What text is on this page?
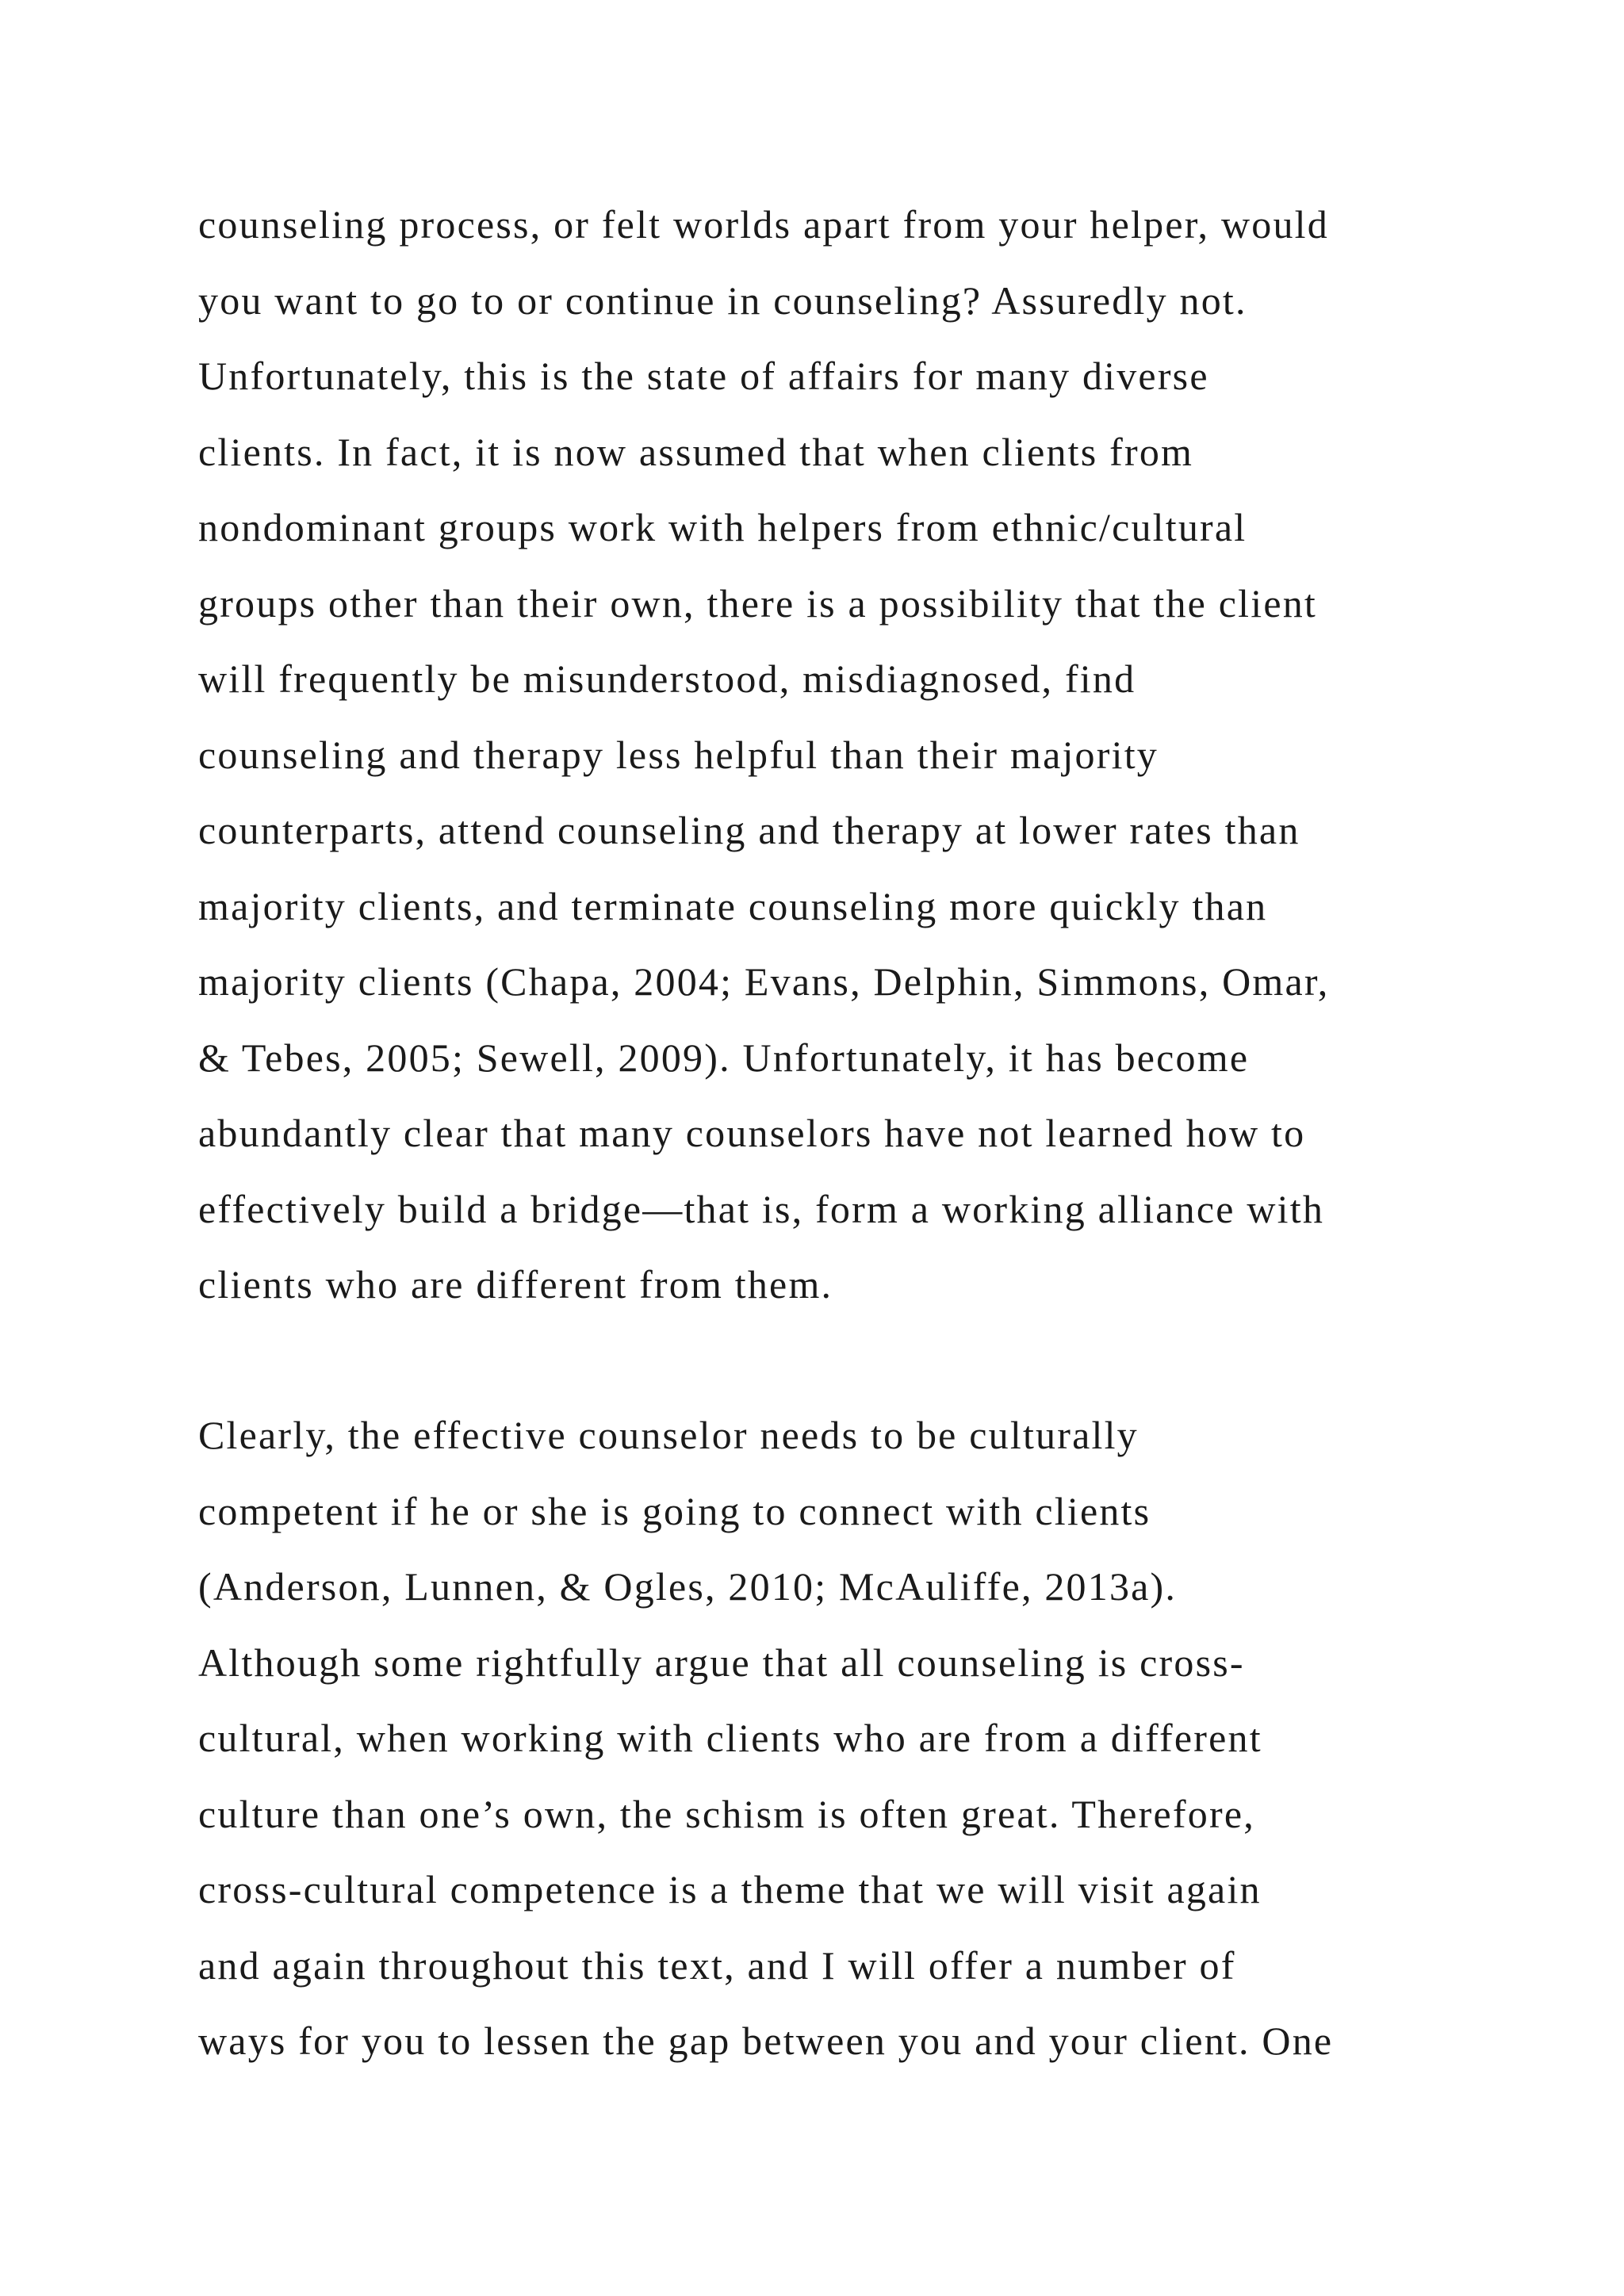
counseling process, or felt worlds apart from your helper, would
you want to go to or continue in counseling? Assuredly not.
Unfortunately, this is the state of affairs for many diverse
clients. In fact, it is now assumed that when clients from
nondominant groups work with helpers from ethnic/cultural
groups other than their own, there is a possibility that the client
will frequently be misunderstood, misdiagnosed, find
counseling and therapy less helpful than their majority
counterparts, attend counseling and therapy at lower rates than
majority clients, and terminate counseling more quickly than
majority clients (Chapa, 2004; Evans, Delphin, Simmons, Omar,
& Tebes, 2005; Sewell, 2009). Unfortunately, it has become
abundantly clear that many counselors have not learned how to
effectively build a bridge—that is, form a working alliance with
clients who are different from them.
Clearly, the effective counselor needs to be culturally
competent if he or she is going to connect with clients
(Anderson, Lunnen, & Ogles, 2010; McAuliffe, 2013a).
Although some rightfully argue that all counseling is cross-
cultural, when working with clients who are from a different
culture than one’s own, the schism is often great. Therefore,
cross-cultural competence is a theme that we will visit again
and again throughout this text, and I will offer a number of
ways for you to lessen the gap between you and your client. One
